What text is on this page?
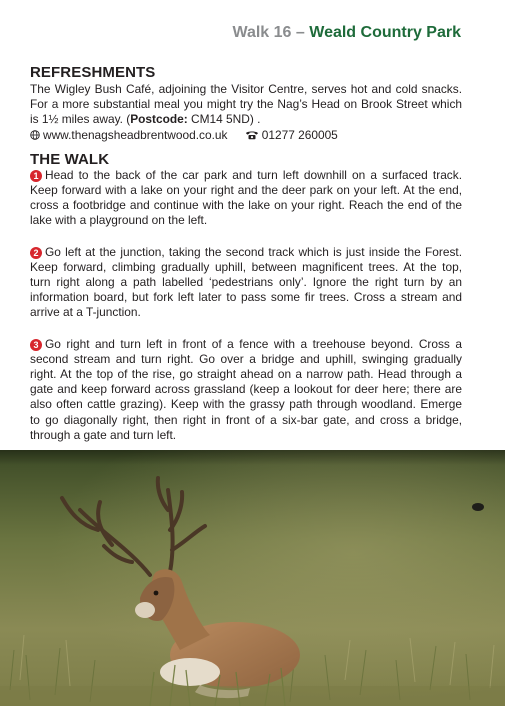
Walk 16 – Weald Country Park
REFRESHMENTS

The Wigley Bush Café, adjoining the Visitor Centre, serves hot and cold snacks. For a more substantial meal you might try the Nag’s Head on Brook Street which is 1½ miles away. (Postcode: CM14 5ND) .

www.thenagsheadbrentwood.co.uk	01277 260005
THE WALK

1 Head to the back of the car park and turn left downhill on a surfaced track. Keep forward with a lake on your right and the deer park on your left. At the end, cross a footbridge and continue with the lake on your right. Reach the end of the lake with a playground on the left.

2 Go left at the junction, taking the second track which is just inside the Forest. Keep forward, climbing gradually uphill, between magnificent trees. At the top, turn right along a path labelled ‘pedestrians only’. Ignore the right turn by an information board, but fork left later to pass some fir trees. Cross a stream and arrive at a T-junction.

3 Go right and turn left in front of a fence with a treehouse beyond. Cross a second stream and turn right. Go over a bridge and uphill, swinging gradually right. At the top of the rise, go straight ahead on a narrow path. Head through a gate and keep forward across grassland (keep a lookout for deer here; there are also often cattle grazing). Keep with the grassy path through woodland. Emerge to go diagonally right, then right in front of a six-bar gate, and cross a bridge, through a gate and turn left.
